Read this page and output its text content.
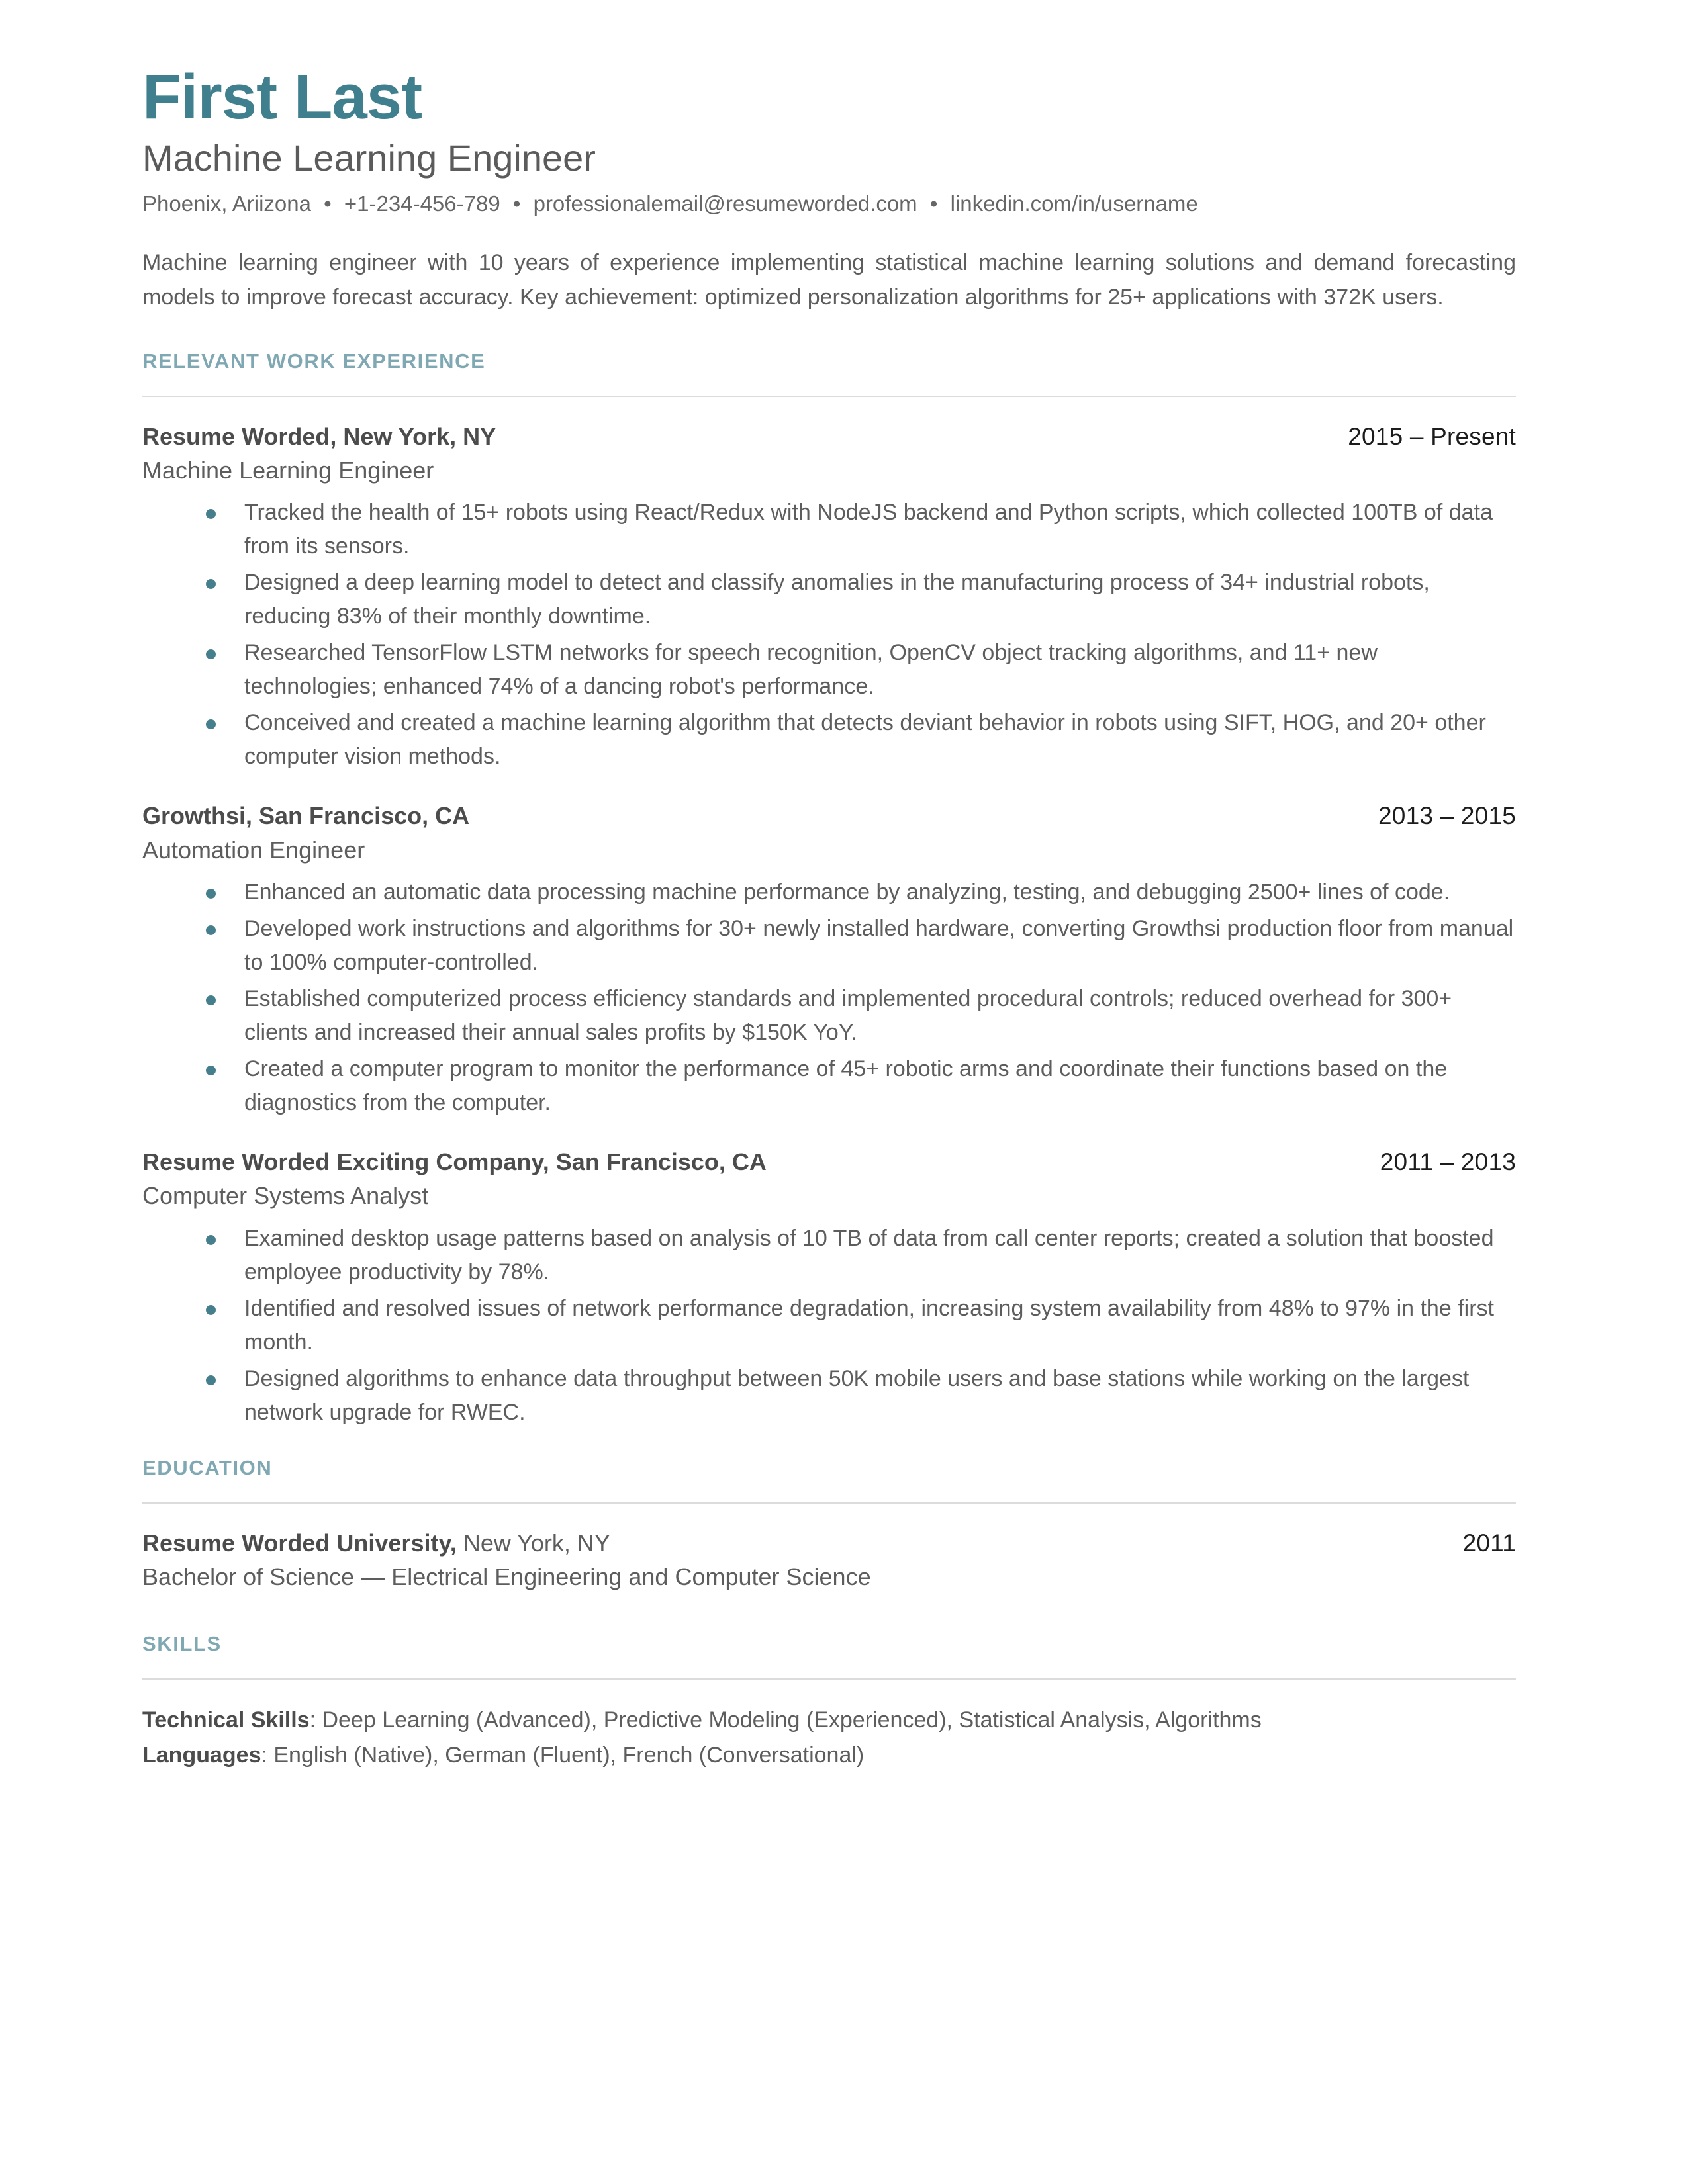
First Last
Machine Learning Engineer
Phoenix, Ariizona • +1-234-456-789 • professionalemail@resumeworded.com • linkedin.com/in/username

Machine learning engineer with 10 years of experience implementing statistical machine learning solutions and demand forecasting models to improve forecast accuracy. Key achievement: optimized personalization algorithms for 25+ applications with 372K users.

RELEVANT WORK EXPERIENCE
Resume Worded, New York, NY	2015 – Present
Machine Learning Engineer
Tracked the health of 15+ robots using React/Redux with NodeJS backend and Python scripts, which collected 100TB of data from its sensors.
Designed a deep learning model to detect and classify anomalies in the manufacturing process of 34+ industrial robots, reducing 83% of their monthly downtime.
Researched TensorFlow LSTM networks for speech recognition, OpenCV object tracking algorithms, and 11+ new technologies; enhanced 74% of a dancing robot's performance.
Conceived and created a machine learning algorithm that detects deviant behavior in robots using SIFT, HOG, and 20+ other computer vision methods.
Growthsi, San Francisco, CA	2013 – 2015
Automation Engineer
Enhanced an automatic data processing machine performance by analyzing, testing, and debugging 2500+ lines of code.
Developed work instructions and algorithms for 30+ newly installed hardware, converting Growthsi production floor from manual to 100% computer-controlled.
Established computerized process efficiency standards and implemented procedural controls; reduced overhead for 300+ clients and increased their annual sales profits by $150K YoY.
Created a computer program to monitor the performance of 45+ robotic arms and coordinate their functions based on the diagnostics from the computer.
Resume Worded Exciting Company, San Francisco, CA	2011 – 2013
Computer Systems Analyst
Examined desktop usage patterns based on analysis of 10 TB of data from call center reports; created a solution that boosted employee productivity by 78%.
Identified and resolved issues of network performance degradation, increasing system availability from 48% to 97% in the first month.
Designed algorithms to enhance data throughput between 50K mobile users and base stations while working on the largest network upgrade for RWEC.
EDUCATION
Resume Worded University, New York, NY	2011
Bachelor of Science — Electrical Engineering and Computer Science
SKILLS
Technical Skills: Deep Learning (Advanced), Predictive Modeling (Experienced), Statistical Analysis, Algorithms
Languages: English (Native), German (Fluent), French (Conversational)
